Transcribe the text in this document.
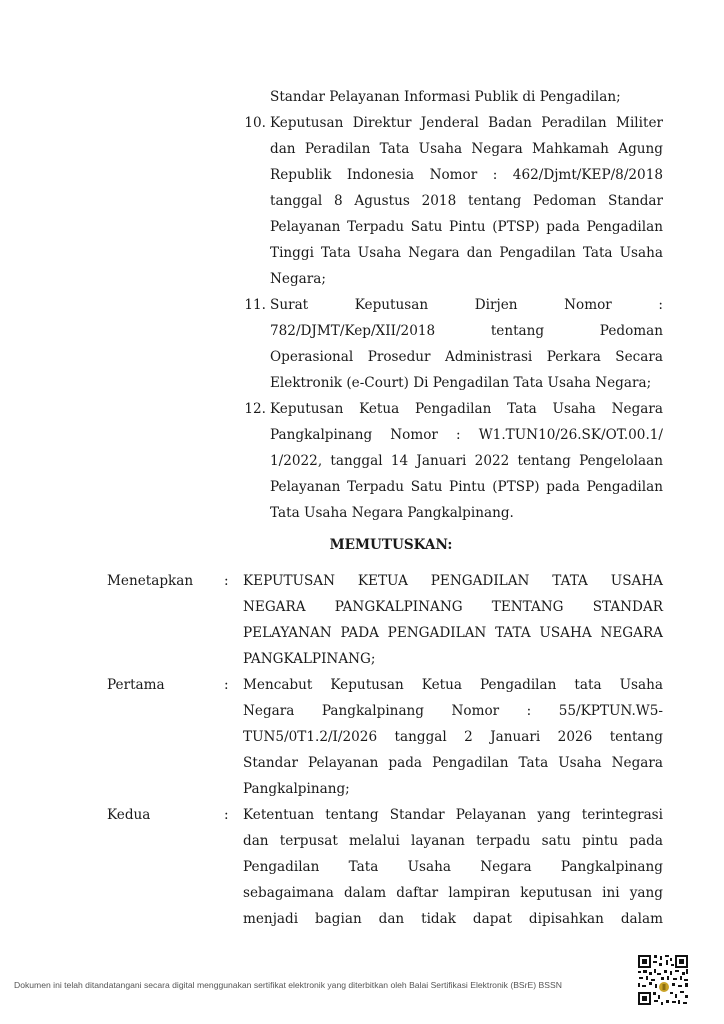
Standar Pelayanan Informasi Publik di Pengadilan;
10. Keputusan Direktur Jenderal Badan Peradilan Militer
dan Peradilan Tata Usaha Negara Mahkamah Agung
Republik Indonesia Nomor : 462/Djmt/KEP/8/2018
tanggal 8 Agustus 2018 tentang Pedoman Standar
Pelayanan Terpadu Satu Pintu (PTSP) pada Pengadilan
Tinggi Tata Usaha Negara dan Pengadilan Tata Usaha
Negara;
11. Surat Keputusan Dirjen Nomor :
782/DJMT/Kep/XII/2018 tentang Pedoman
Operasional Prosedur Administrasi Perkara Secara
Elektronik (e-Court) Di Pengadilan Tata Usaha Negara;
12. Keputusan Ketua Pengadilan Tata Usaha Negara
Pangkalpinang Nomor : W1.TUN10/26.SK/OT.00.1/
1/2022, tanggal 14 Januari 2022 tentang Pengelolaan
Pelayanan Terpadu Satu Pintu (PTSP) pada Pengadilan
Tata Usaha Negara Pangkalpinang.
MEMUTUSKAN:
Menetapkan : KEPUTUSAN KETUA PENGADILAN TATA USAHA
NEGARA PANGKALPINANG TENTANG STANDAR
PELAYANAN PADA PENGADILAN TATA USAHA NEGARA
PANGKALPINANG;
Pertama	: Mencabut Keputusan Ketua Pengadilan tata Usaha
Negara Pangkalpinang Nomor : 55/KPTUN.W5-
TUN5/0T1.2/I/2026 tanggal 2 Januari 2026 tentang
Standar Pelayanan pada Pengadilan Tata Usaha Negara
Pangkalpinang;
Kedua	: Ketentuan tentang Standar Pelayanan yang terintegrasi
dan terpusat melalui layanan terpadu satu pintu pada
Pengadilan Tata Usaha Negara Pangkalpinang
sebagaimana dalam daftar lampiran keputusan ini yang
menjadi bagian dan tidak dapat dipisahkan dalam
Dokumen ini telah ditandatangani secara digital menggunakan sertifikat elektronik yang diterbitkan oleh Balai Sertifikasi Elektronik (BSrE) BSSN
